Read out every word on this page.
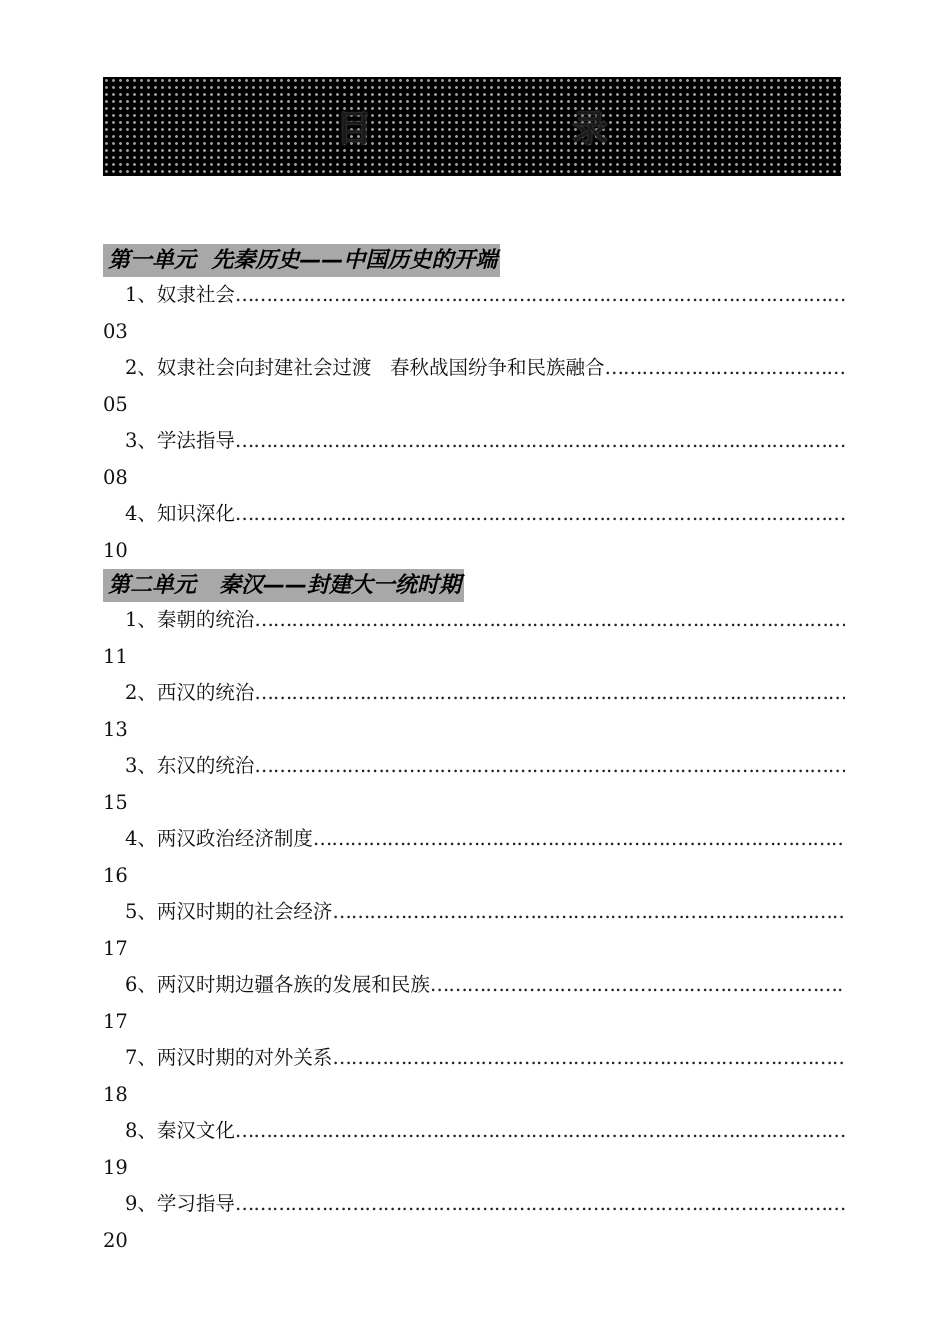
目录
第一单元  先秦历史——中国历史的开端
1、奴隶社会
…………………………………………………………………………………………………………………………………………………………………
03
2、奴隶社会向封建社会过渡   春秋战国纷争和民族融合
…………………………………………………………………………………………………………………………………………………………………
05
3、学法指导
…………………………………………………………………………………………………………………………………………………………………
08
4、知识深化
…………………………………………………………………………………………………………………………………………………………………
10
第二单元   秦汉——封建大一统时期
1、秦朝的统治
…………………………………………………………………………………………………………………………………………………………………
11
2、西汉的统治
…………………………………………………………………………………………………………………………………………………………………
13
3、东汉的统治
…………………………………………………………………………………………………………………………………………………………………
15
4、两汉政治经济制度
…………………………………………………………………………………………………………………………………………………………………
16
5、两汉时期的社会经济
…………………………………………………………………………………………………………………………………………………………………
17
6、两汉时期边疆各族的发展和民族
…………………………………………………………………………………………………………………………………………………………………
17
7、两汉时期的对外关系
…………………………………………………………………………………………………………………………………………………………………
18
8、秦汉文化
…………………………………………………………………………………………………………………………………………………………………
19
9、学习指导
…………………………………………………………………………………………………………………………………………………………………
20
